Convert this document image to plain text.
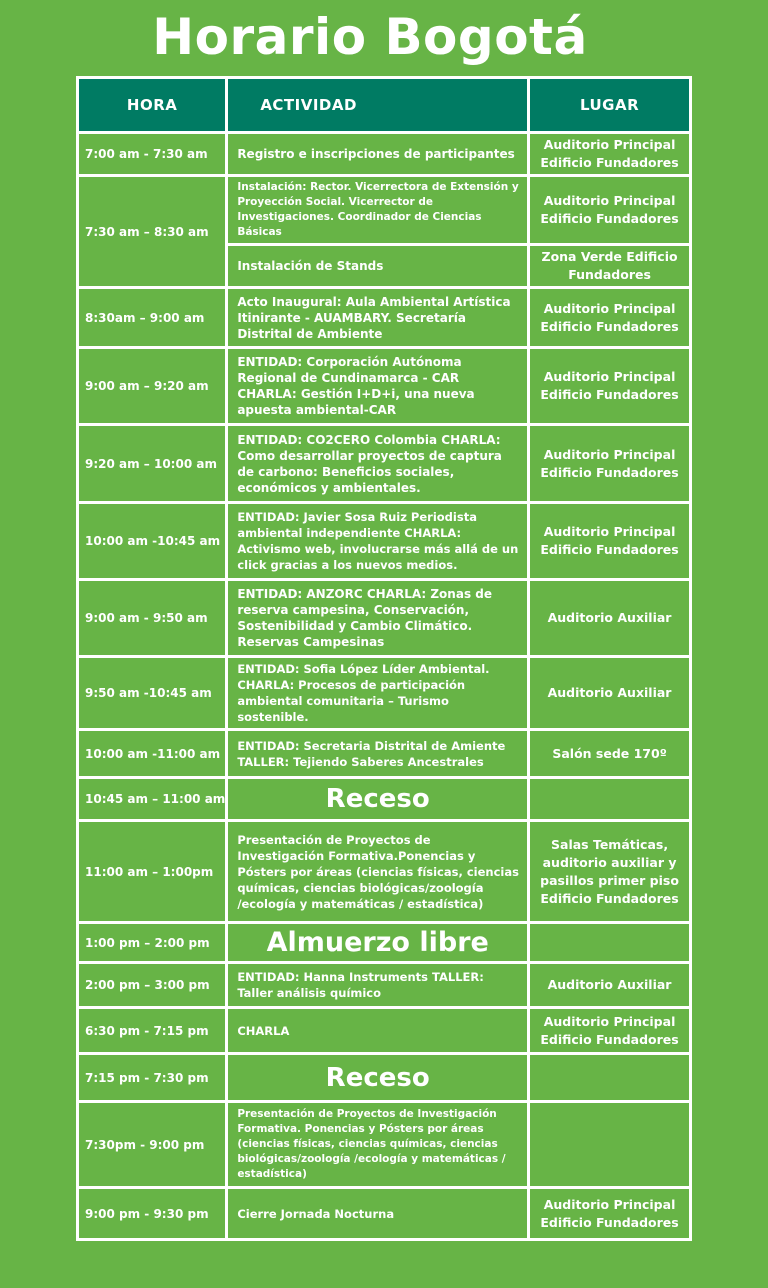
Horario Bogotá
HORA	ACTIVIDAD	LUGAR
7:00 am - 7:30 am	Registro e inscripciones de participantes	Auditorio Principal Edificio Fundadores
7:30 am – 8:30 am	Instalación: Rector. Vicerrectora de Extensión y Proyección Social. Vicerrector de Investigaciones. Coordinador de Ciencias Básicas	Auditorio Principal Edificio Fundadores
	Instalación de Stands	Zona Verde Edificio Fundadores
8:30am – 9:00 am	Acto Inaugural: Aula Ambiental Artística Itinirante - AUAMBARY. Secretaría Distrital de Ambiente	Auditorio Principal Edificio Fundadores
9:00 am – 9:20 am	ENTIDAD: Corporación Autónoma Regional de Cundinamarca - CAR CHARLA: Gestión I+D+i, una nueva apuesta ambiental-CAR	Auditorio Principal Edificio Fundadores
9:20 am – 10:00 am	ENTIDAD: CO2CERO Colombia CHARLA: Como desarrollar proyectos de captura de carbono: Beneficios sociales, económicos y ambientales.	Auditorio Principal Edificio Fundadores
10:00 am -10:45 am	ENTIDAD: Javier Sosa Ruiz Periodista ambiental independiente CHARLA: Activismo web, involucrarse más allá de un click gracias a los nuevos medios.	Auditorio Principal Edificio Fundadores
9:00 am - 9:50 am	ENTIDAD: ANZORC CHARLA: Zonas de reserva campesina, Conservación, Sostenibilidad y Cambio Climático. Reservas Campesinas	Auditorio Auxiliar
9:50 am -10:45 am	ENTIDAD: Sofia López Líder Ambiental. CHARLA: Procesos de participación ambiental comunitaria – Turismo sostenible.	Auditorio Auxiliar
10:00 am -11:00 am	ENTIDAD: Secretaria Distrital de Amiente TALLER: Tejiendo Saberes Ancestrales	Salón sede 170º
10:45 am – 11:00 am	Receso	
11:00 am – 1:00pm	Presentación de Proyectos de Investigación Formativa.Ponencias y Pósters por áreas (ciencias físicas, ciencias químicas, ciencias biológicas/zoología /ecología y matemáticas / estadística)	Salas Temáticas, auditorio auxiliar y pasillos primer piso Edificio Fundadores
1:00 pm – 2:00 pm	Almuerzo libre	
2:00 pm – 3:00 pm	ENTIDAD: Hanna Instruments TALLER: Taller análisis químico	Auditorio Auxiliar
6:30 pm - 7:15 pm	CHARLA	Auditorio Principal Edificio Fundadores
7:15 pm - 7:30 pm	Receso	
7:30pm - 9:00 pm	Presentación de Proyectos de Investigación Formativa. Ponencias y Pósters por áreas (ciencias físicas, ciencias químicas, ciencias biológicas/zoología /ecología y matemáticas / estadística)	
9:00 pm - 9:30 pm	Cierre Jornada Nocturna	Auditorio Principal Edificio Fundadores
